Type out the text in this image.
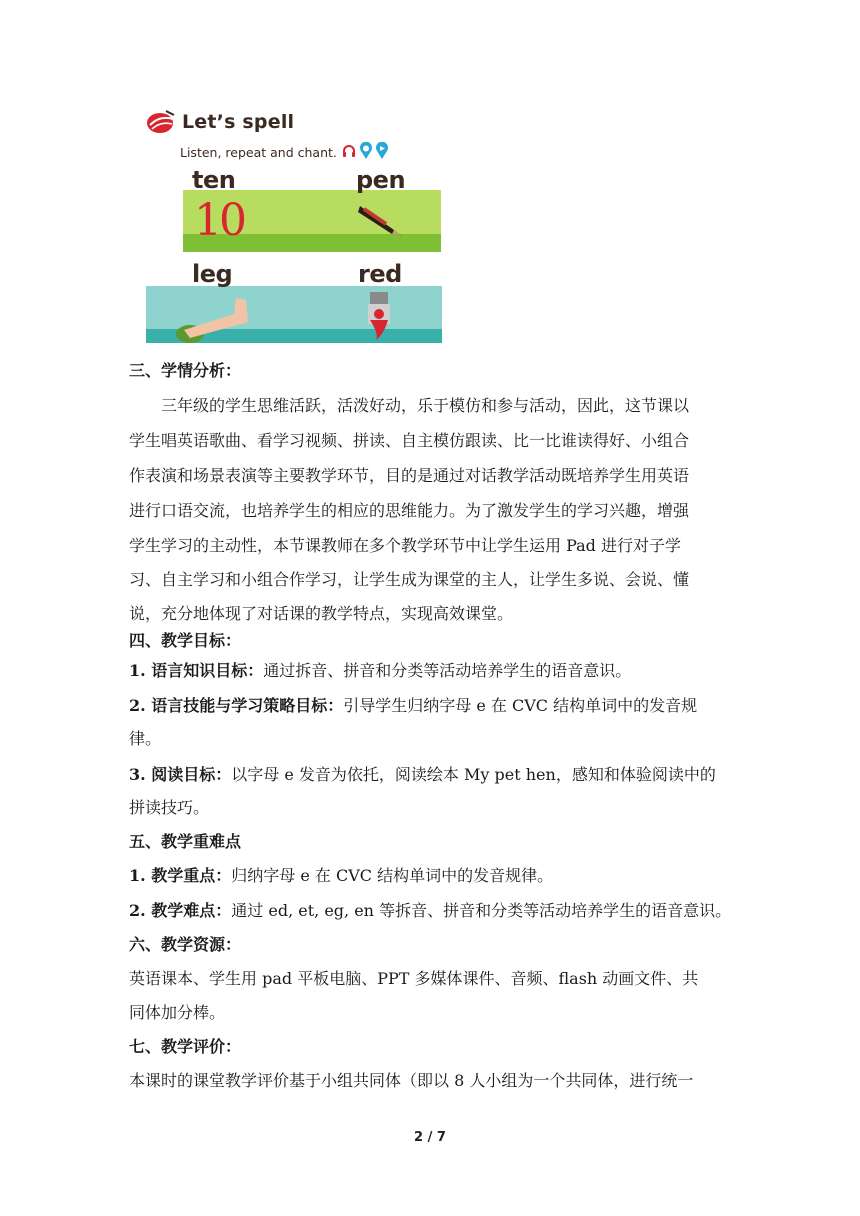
Let’s spell
Listen, repeat and chant.
ten	pen
leg	red
10
三、学情分析：
三年级的学生思维活跃，活泼好动，乐于模仿和参与活动，因此，这节课以
学生唱英语歌曲、看学习视频、拼读、自主模仿跟读、比一比谁读得好、小组合
作表演和场景表演等主要教学环节，目的是通过对话教学活动既培养学生用英语
进行口语交流，也培养学生的相应的思维能力。为了激发学生的学习兴趣，增强
学生学习的主动性，本节课教师在多个教学环节中让学生运用 Pad 进行对子学
习、自主学习和小组合作学习，让学生成为课堂的主人，让学生多说、会说、懂
说，充分地体现了对话课的教学特点，实现高效课堂。
四、教学目标：
1. 语言知识目标：通过拆音、拼音和分类等活动培养学生的语音意识。
2. 语言技能与学习策略目标：引导学生归纳字母 e 在 CVC 结构单词中的发音规
律。
3. 阅读目标：以字母 e 发音为依托，阅读绘本 My pet hen，感知和体验阅读中的
拼读技巧。
五、教学重难点
1. 教学重点：归纳字母 e 在 CVC 结构单词中的发音规律。
2. 教学难点：通过 ed, et, eg, en 等拆音、拼音和分类等活动培养学生的语音意识。
六、教学资源：
英语课本、学生用 pad 平板电脑、PPT 多媒体课件、音频、flash 动画文件、共
同体加分棒。
七、教学评价：
本课时的课堂教学评价基于小组共同体（即以 8 人小组为一个共同体，进行统一
2 / 7
